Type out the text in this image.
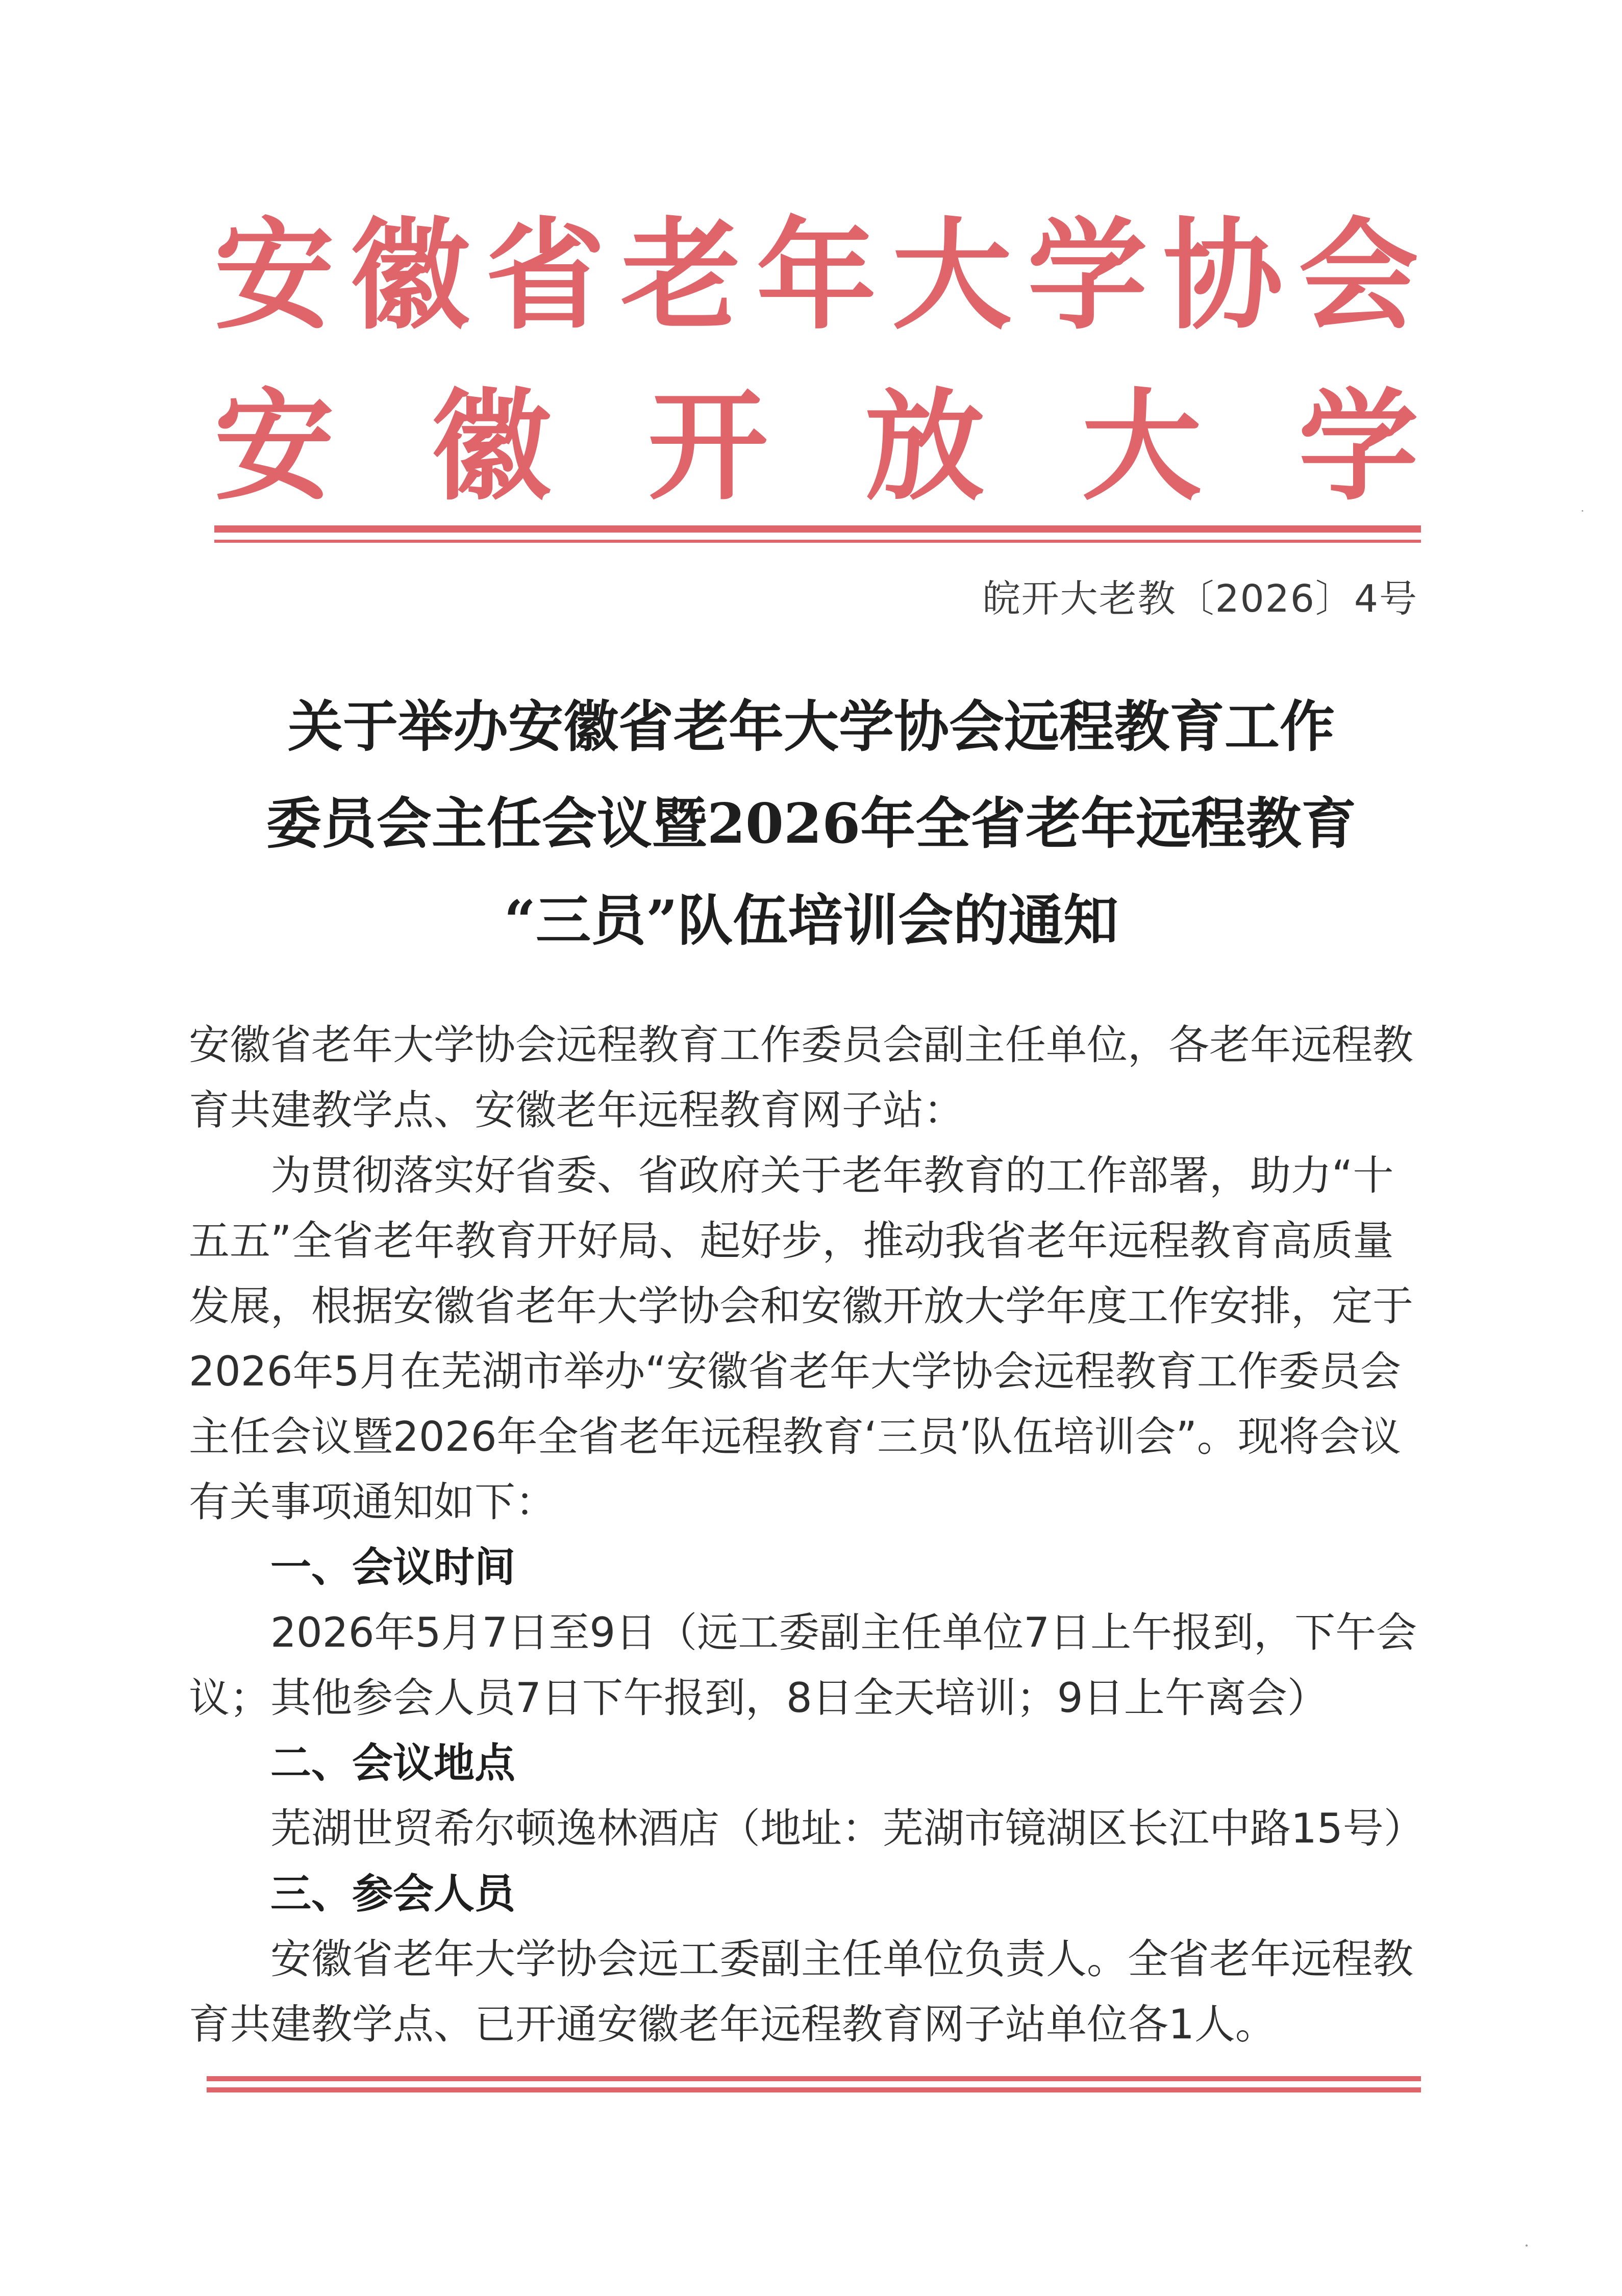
安 徽 省 老 年 大 学 协 会
安 徽 开 放 大 学
皖开大老教〔2026〕4号
关于举办安徽省老年大学协会远程教育工作
委员会主任会议暨2026年全省老年远程教育
“三员”队伍培训会的通知

安徽省老年大学协会远程教育工作委员会副主任单位，各老年远程教育共建教学点、安徽老年远程教育网子站：

为贯彻落实好省委、省政府关于老年教育的工作部署，助力“十五五”全省老年教育开好局、起好步，推动我省老年远程教育高质量发展，根据安徽省老年大学协会和安徽开放大学年度工作安排，定于2026年5月在芜湖市举办“安徽省老年大学协会远程教育工作委员会主任会议暨2026年全省老年远程教育‘三员’队伍培训会”。现将会议有关事项通知如下：

一、会议时间

2026年5月7日至9日（远工委副主任单位7日上午报到，下午会议；其他参会人员7日下午报到，8日全天培训；9日上午离会）

二、会议地点

芜湖世贸希尔顿逸林酒店（地址：芜湖市镜湖区长江中路15号）

三、参会人员

安徽省老年大学协会远工委副主任单位负责人。全省老年远程教育共建教学点、已开通安徽老年远程教育网子站单位各1人。
